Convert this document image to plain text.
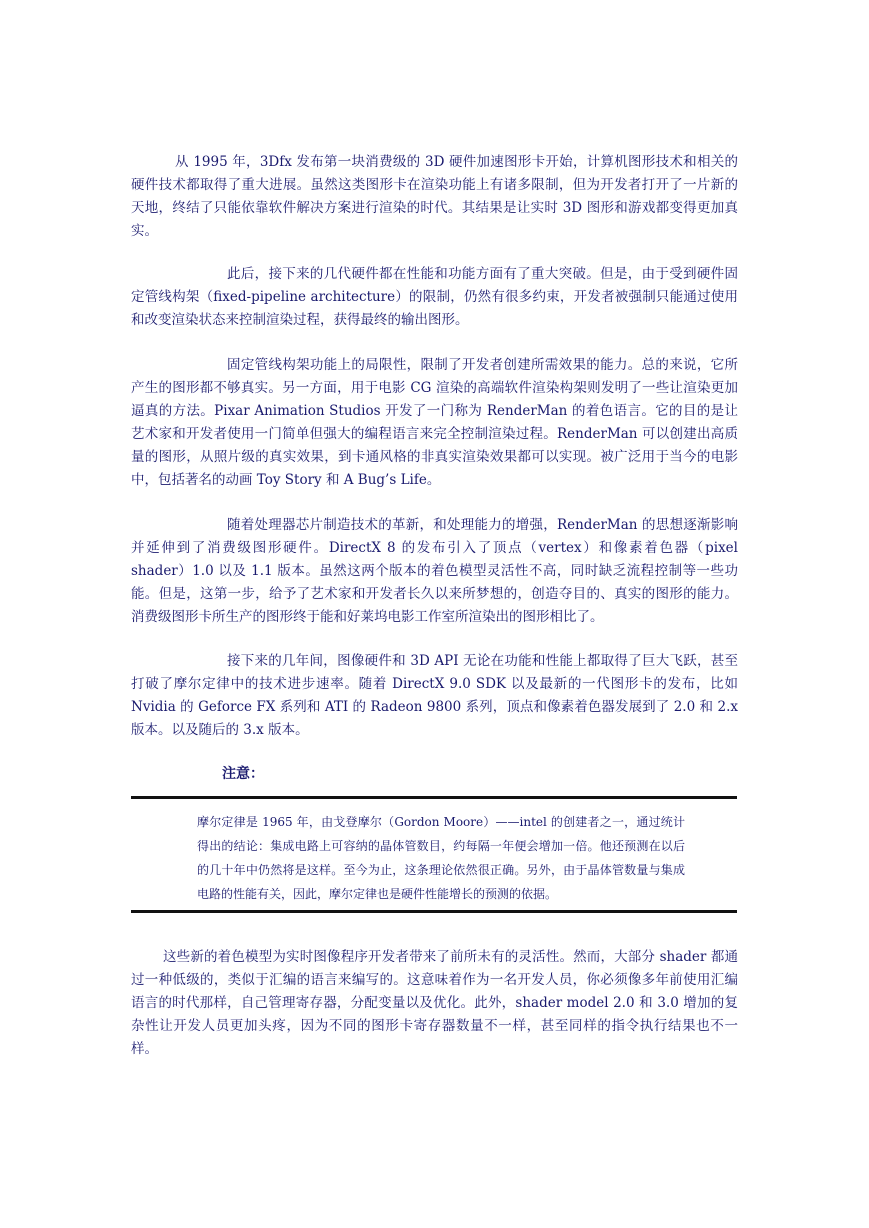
从 1995 年，3Dfx 发布第一块消费级的 3D 硬件加速图形卡开始，计算机图形技术和相关的硬件技术都取得了重大进展。虽然这类图形卡在渲染功能上有诸多限制，但为开发者打开了一片新的天地，终结了只能依靠软件解决方案进行渲染的时代。其结果是让实时 3D 图形和游戏都变得更加真实。

此后，接下来的几代硬件都在性能和功能方面有了重大突破。但是，由于受到硬件固定管线构架（fixed-pipeline architecture）的限制，仍然有很多约束，开发者被强制只能通过使用和改变渲染状态来控制渲染过程，获得最终的输出图形。

固定管线构架功能上的局限性，限制了开发者创建所需效果的能力。总的来说，它所产生的图形都不够真实。另一方面，用于电影 CG 渲染的高端软件渲染构架则发明了一些让渲染更加逼真的方法。Pixar Animation Studios 开发了一门称为 RenderMan 的着色语言。它的目的是让艺术家和开发者使用一门简单但强大的编程语言来完全控制渲染过程。RenderMan 可以创建出高质量的图形，从照片级的真实效果，到卡通风格的非真实渲染效果都可以实现。被广泛用于当今的电影中，包括著名的动画 Toy Story 和 A Bug’s Life。

随着处理器芯片制造技术的革新，和处理能力的增强，RenderMan 的思想逐渐影响并延伸到了消费级图形硬件。DirectX 8 的发布引入了顶点（vertex）和像素着色器（pixel shader）1.0 以及 1.1 版本。虽然这两个版本的着色模型灵活性不高，同时缺乏流程控制等一些功能。但是，这第一步，给予了艺术家和开发者长久以来所梦想的，创造夺目的、真实的图形的能力。消费级图形卡所生产的图形终于能和好莱坞电影工作室所渲染出的图形相比了。

接下来的几年间，图像硬件和 3D API 无论在功能和性能上都取得了巨大飞跃，甚至打破了摩尔定律中的技术进步速率。随着 DirectX 9.0 SDK 以及最新的一代图形卡的发布，比如 Nvidia 的 Geforce FX 系列和 ATI 的 Radeon 9800 系列，顶点和像素着色器发展到了 2.0 和 2.x 版本。以及随后的 3.x 版本。

注意：

摩尔定律是 1965 年，由戈登摩尔（Gordon Moore）——intel 的创建者之一，通过统计得出的结论：集成电路上可容纳的晶体管数目，约每隔一年便会增加一倍。他还预测在以后的几十年中仍然将是这样。至今为止，这条理论依然很正确。另外，由于晶体管数量与集成电路的性能有关，因此，摩尔定律也是硬件性能增长的预测的依据。

这些新的着色模型为实时图像程序开发者带来了前所未有的灵活性。然而，大部分 shader 都通过一种低级的，类似于汇编的语言来编写的。这意味着作为一名开发人员，你必须像多年前使用汇编语言的时代那样，自己管理寄存器，分配变量以及优化。此外，shader model 2.0 和 3.0 增加的复杂性让开发人员更加头疼，因为不同的图形卡寄存器数量不一样，甚至同样的指令执行结果也不一样。
